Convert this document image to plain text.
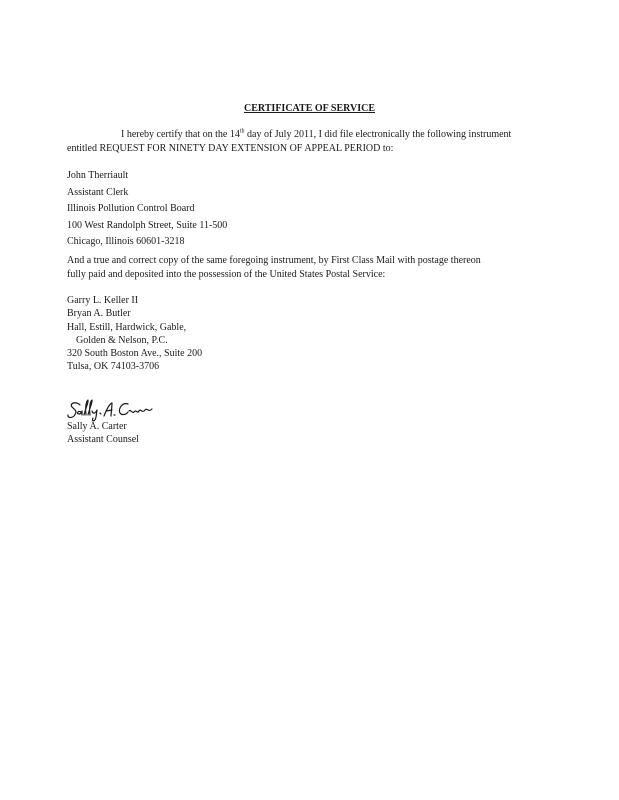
CERTIFICATE OF SERVICE
I hereby certify that on the 14th day of July 2011, I did file electronically the following instrument
entitled REQUEST FOR NINETY DAY EXTENSION OF APPEAL PERIOD to:
John Therriault
Assistant Clerk
Illinois Pollution Control Board
100 West Randolph Street, Suite 11-500
Chicago, Illinois 60601-3218
And a true and correct copy of the same foregoing instrument, by First Class Mail with postage thereon
fully paid and deposited into the possession of the United States Postal Service:
Garry L. Keller II
Bryan A. Butler
Hall, Estill, Hardwick, Gable,
Golden & Nelson, P.C.
320 South Boston Ave., Suite 200
Tulsa, OK 74103-3706
Sally A. Carter
Assistant Counsel
